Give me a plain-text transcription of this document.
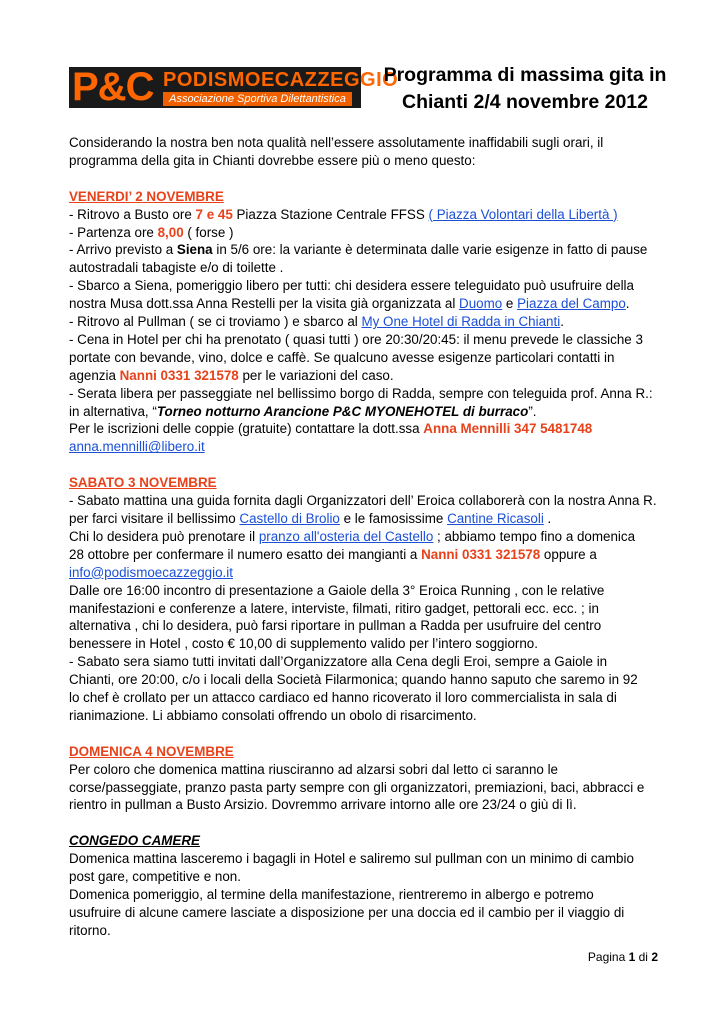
P&C PODISMOECAZZEGGIO
Associazione Sportiva Dilettantistica
Programma di massima gita in
Chianti 2/4 novembre 2012

Considerando la nostra ben nota qualità nell’essere assolutamente inaffidabili sugli orari, il

programma della gita in Chianti dovrebbe essere più o meno questo:

VENERDI’ 2 NOVEMBRE

- Ritrovo a Busto ore 7 e 45 Piazza Stazione Centrale FFSS ( Piazza Volontari della Libertà )

- Partenza ore 8,00 ( forse )

- Arrivo previsto a Siena in 5/6 ore: la variante è determinata dalle varie esigenze in fatto di pause

autostradali tabagiste e/o di toilette .

- Sbarco a Siena, pomeriggio libero per tutti: chi desidera essere teleguidato può usufruire della

nostra Musa dott.ssa Anna Restelli per la visita già organizzata al Duomo e Piazza del Campo.

- Ritrovo al Pullman ( se ci troviamo ) e sbarco al My One Hotel di Radda in Chianti.

- Cena in Hotel per chi ha prenotato ( quasi tutti ) ore 20:30/20:45: il menu prevede le classiche 3

portate con bevande, vino, dolce e caffè. Se qualcuno avesse esigenze particolari contatti in

agenzia Nanni 0331 321578 per le variazioni del caso.

- Serata libera per passeggiate nel bellissimo borgo di Radda, sempre con teleguida prof. Anna R.:

in alternativa, “Torneo notturno Arancione P&C MYONEHOTEL di burraco”.

Per le iscrizioni delle coppie (gratuite) contattare la dott.ssa Anna Mennilli 347 5481748

anna.mennilli@libero.it

SABATO 3 NOVEMBRE

- Sabato mattina una guida fornita dagli Organizzatori dell’ Eroica collaborerà con la nostra Anna R.

per farci visitare il bellissimo Castello di Brolio e le famosissime Cantine Ricasoli .

Chi lo desidera può prenotare il pranzo all'osteria del Castello ; abbiamo tempo fino a domenica

28 ottobre per confermare il numero esatto dei mangianti a Nanni 0331 321578 oppure a

info@podismoecazzeggio.it

Dalle ore 16:00 incontro di presentazione a Gaiole della 3° Eroica Running , con le relative

manifestazioni e conferenze a latere, interviste, filmati, ritiro gadget, pettorali ecc. ecc. ; in

alternativa , chi lo desidera, può farsi riportare in pullman a Radda per usufruire del centro

benessere in Hotel , costo € 10,00 di supplemento valido per l’intero soggiorno.

- Sabato sera siamo tutti invitati dall’Organizzatore alla Cena degli Eroi, sempre a Gaiole in

Chianti, ore 20:00, c/o i locali della Società Filarmonica; quando hanno saputo che saremo in 92

lo chef è crollato per un attacco cardiaco ed hanno ricoverato il loro commercialista in sala di

rianimazione. Li abbiamo consolati offrendo un obolo di risarcimento.

DOMENICA 4 NOVEMBRE

Per coloro che domenica mattina riusciranno ad alzarsi sobri dal letto ci saranno le

corse/passeggiate, pranzo pasta party sempre con gli organizzatori, premiazioni, baci, abbracci e

rientro in pullman a Busto Arsizio. Dovremmo arrivare intorno alle ore 23/24 o giù di lì.

CONGEDO CAMERE

Domenica mattina lasceremo i bagagli in Hotel e saliremo sul pullman con un minimo di cambio

post gare, competitive e non.

Domenica pomeriggio, al termine della manifestazione, rientreremo in albergo e potremo

usufruire di alcune camere lasciate a disposizione per una doccia ed il cambio per il viaggio di

ritorno.

Pagina 1 di 2
